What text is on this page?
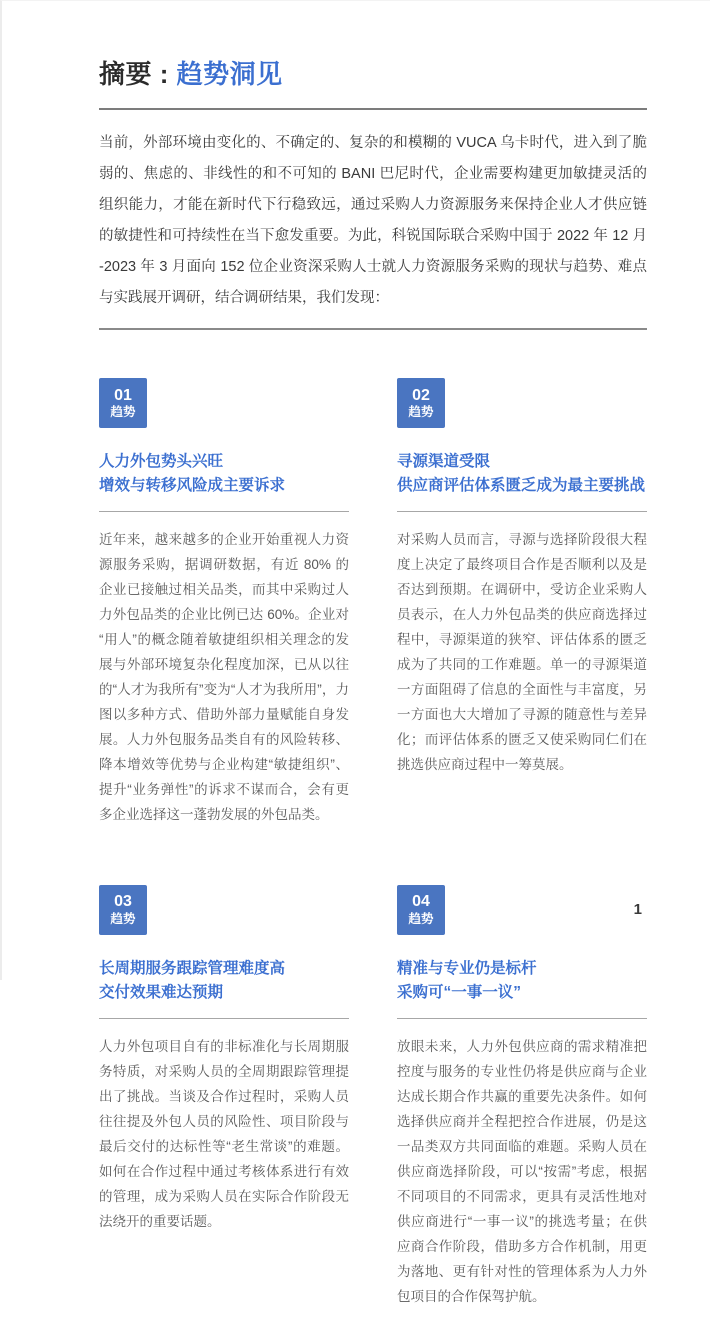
摘要 : 趋势洞见

当前，外部环境由变化的、不确定的、复杂的和模糊的 VUCA 乌卡时代，进入到了脆弱的、焦虑的、非线性的和不可知的 BANI 巴尼时代，企业需要构建更加敏捷灵活的组织能力，才能在新时代下行稳致远，通过采购人力资源服务来保持企业人才供应链的敏捷性和可持续性在当下愈发重要。为此，科锐国际联合采购中国于 2022 年 12 月 -2023 年 3 月面向 152 位企业资深采购人士就人力资源服务采购的现状与趋势、难点与实践展开调研，结合调研结果，我们发现：

01
趋势
人力外包势头兴旺
增效与转移风险成主要诉求

近年来，越来越多的企业开始重视人力资源服务采购，据调研数据，有近 80% 的企业已接触过相关品类，而其中采购过人力外包品类的企业比例已达 60%。企业对“用人”的概念随着敏捷组织相关理念的发展与外部环境复杂化程度加深，已从以往的“人才为我所有”变为“人才为我所用”，力图以多种方式、借助外部力量赋能自身发展。人力外包服务品类自有的风险转移、降本增效等优势与企业构建“敏捷组织”、提升“业务弹性”的诉求不谋而合，会有更多企业选择这一蓬勃发展的外包品类。

02
趋势
寻源渠道受限
供应商评估体系匮乏成为最主要挑战

对采购人员而言，寻源与选择阶段很大程度上决定了最终项目合作是否顺利以及是否达到预期。在调研中，受访企业采购人员表示，在人力外包品类的供应商选择过程中，寻源渠道的狭窄、评估体系的匮乏成为了共同的工作难题。单一的寻源渠道一方面阻碍了信息的全面性与丰富度，另一方面也大大增加了寻源的随意性与差异化；而评估体系的匮乏又使采购同仁们在挑选供应商过程中一筹莫展。

03
趋势
长周期服务跟踪管理难度高
交付效果难达预期

人力外包项目自有的非标准化与长周期服务特质，对采购人员的全周期跟踪管理提出了挑战。当谈及合作过程时，采购人员往往提及外包人员的风险性、项目阶段与最后交付的达标性等“老生常谈”的难题。如何在合作过程中通过考核体系进行有效的管理，成为采购人员在实际合作阶段无法绕开的重要话题。

04
趋势
精准与专业仍是标杆
采购可“一事一议”

放眼未来，人力外包供应商的需求精准把控度与服务的专业性仍将是供应商与企业达成长期合作共赢的重要先决条件。如何选择供应商并全程把控合作进展，仍是这一品类双方共同面临的难题。采购人员在供应商选择阶段，可以“按需”考虑，根据不同项目的不同需求，更具有灵活性地对供应商进行“一事一议”的挑选考量；在供应商合作阶段，借助多方合作机制，用更为落地、更有针对性的管理体系为人力外包项目的合作保驾护航。

1
